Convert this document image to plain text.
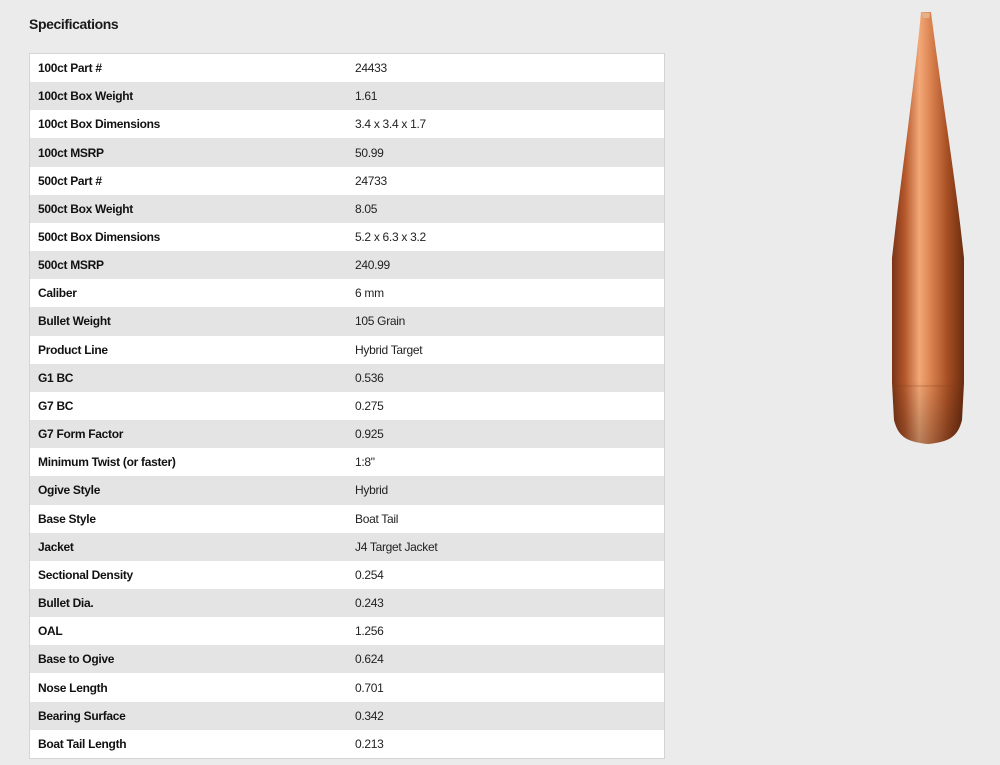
Specifications
100ct Part #	24433
100ct Box Weight	1.61
100ct Box Dimensions	3.4 x 3.4 x 1.7
100ct MSRP	50.99
500ct Part #	24733
500ct Box Weight	8.05
500ct Box Dimensions	5.2 x 6.3 x 3.2
500ct MSRP	240.99
Caliber	6 mm
Bullet Weight	105 Grain
Product Line	Hybrid Target
G1 BC	0.536
G7 BC	0.275
G7 Form Factor	0.925
Minimum Twist (or faster)	1:8"
Ogive Style	Hybrid
Base Style	Boat Tail
Jacket	J4 Target Jacket
Sectional Density	0.254
Bullet Dia.	0.243
OAL	1.256
Base to Ogive	0.624
Nose Length	0.701
Bearing Surface	0.342
Boat Tail Length	0.213
